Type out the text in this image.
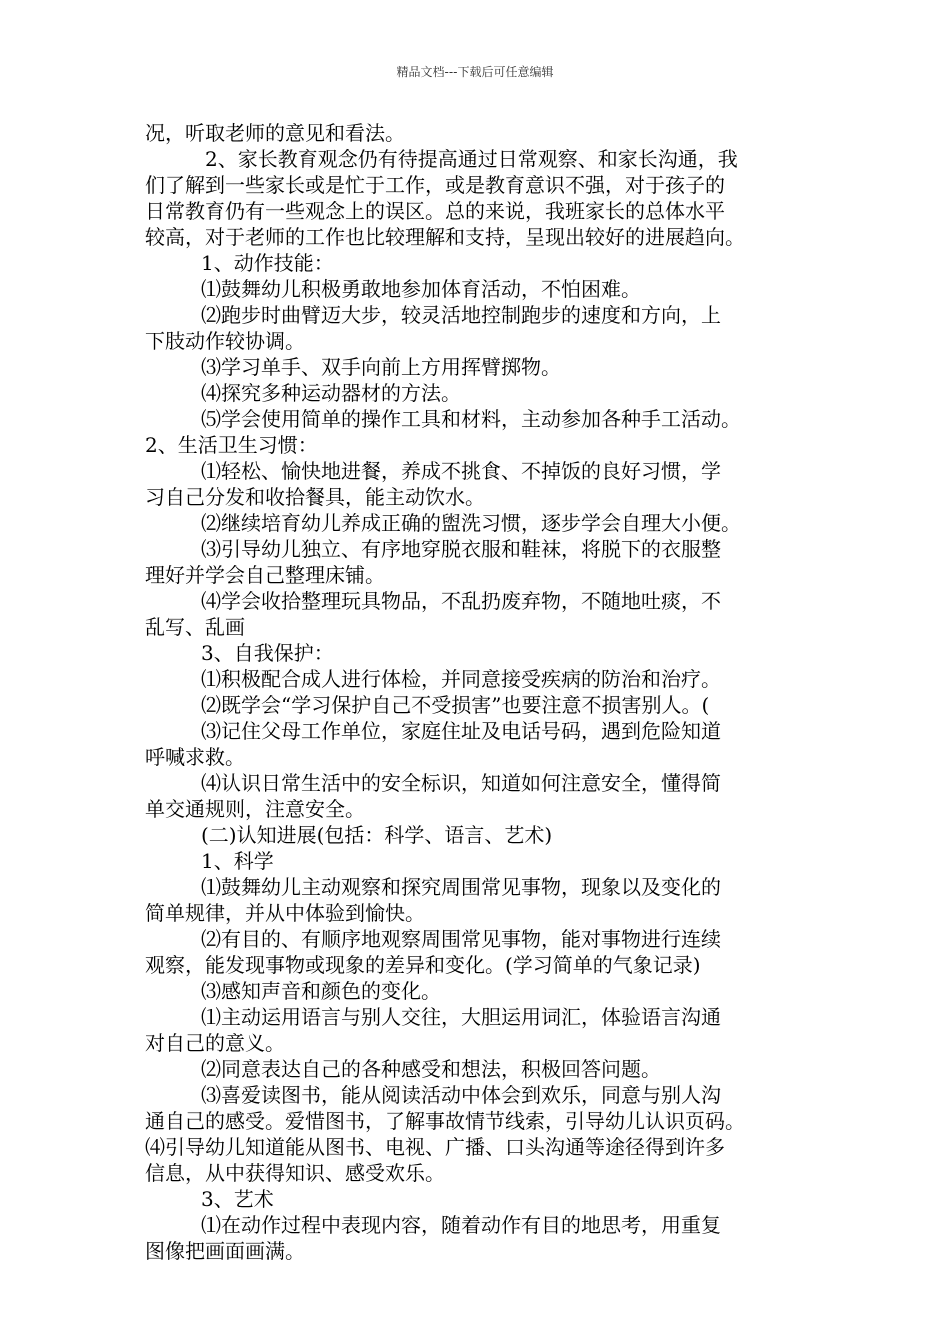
精品文档---下载后可任意编辑
况，听取老师的意见和看法。
2、家长教育观念仍有待提高通过日常观察、和家长沟通，我
们了解到一些家长或是忙于工作，或是教育意识不强，对于孩子的
日常教育仍有一些观念上的误区。总的来说，我班家长的总体水平
较高，对于老师的工作也比较理解和支持，呈现出较好的进展趋向。
1、动作技能：
⑴鼓舞幼儿积极勇敢地参加体育活动，不怕困难。
⑵跑步时曲臂迈大步，较灵活地控制跑步的速度和方向，上
下肢动作较协调。
⑶学习单手、双手向前上方用挥臂掷物。
⑷探究多种运动器材的方法。
⑸学会使用简单的操作工具和材料，主动参加各种手工活动。
2、生活卫生习惯：
⑴轻松、愉快地进餐，养成不挑食、不掉饭的良好习惯，学
习自己分发和收拾餐具，能主动饮水。
⑵继续培育幼儿养成正确的盥洗习惯，逐步学会自理大小便。
⑶引导幼儿独立、有序地穿脱衣服和鞋袜，将脱下的衣服整
理好并学会自己整理床铺。
⑷学会收拾整理玩具物品，不乱扔废弃物，不随地吐痰，不
乱写、乱画
3、自我保护：
⑴积极配合成人进行体检，并同意接受疾病的防治和治疗。
⑵既学会“学习保护自己不受损害”也要注意不损害别人。(
⑶记住父母工作单位，家庭住址及电话号码，遇到危险知道
呼喊求救。
⑷认识日常生活中的安全标识，知道如何注意安全，懂得简
单交通规则，注意安全。
(二)认知进展(包括：科学、语言、艺术)
1、科学
⑴鼓舞幼儿主动观察和探究周围常见事物，现象以及变化的
简单规律，并从中体验到愉快。
⑵有目的、有顺序地观察周围常见事物，能对事物进行连续
观察，能发现事物或现象的差异和变化。(学习简单的气象记录)
⑶感知声音和颜色的变化。
⑴主动运用语言与别人交往，大胆运用词汇，体验语言沟通
对自己的意义。
⑵同意表达自己的各种感受和想法，积极回答问题。
⑶喜爱读图书，能从阅读活动中体会到欢乐，同意与别人沟
通自己的感受。爱惜图书，了解事故情节线索，引导幼儿认识页码。
⑷引导幼儿知道能从图书、电视、广播、口头沟通等途径得到许多
信息，从中获得知识、感受欢乐。
3、艺术
⑴在动作过程中表现内容，随着动作有目的地思考，用重复
图像把画面画满。
